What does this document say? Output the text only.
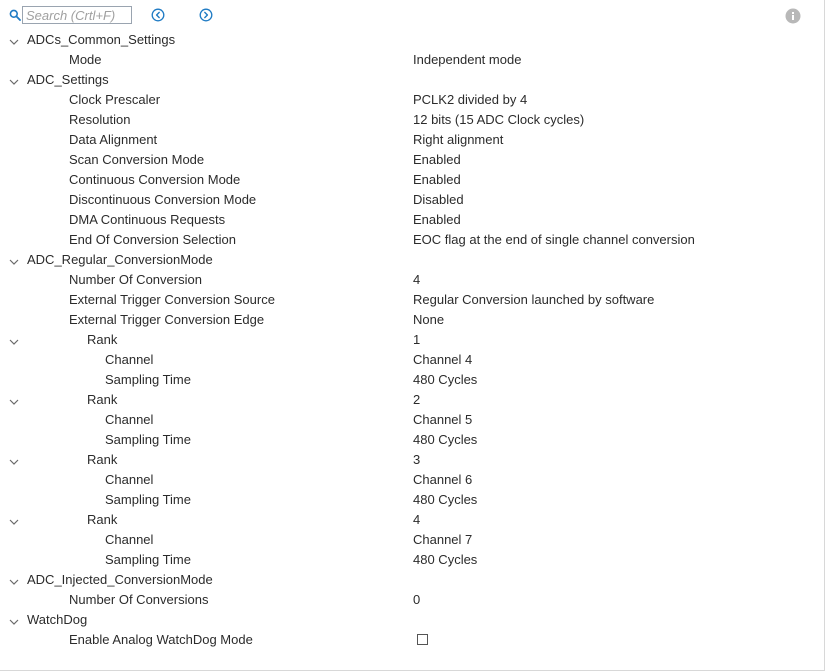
Search (Crtl+F)
ADCs_Common_Settings
Mode	Independent mode
ADC_Settings
Clock Prescaler	PCLK2 divided by 4
Resolution	12 bits (15 ADC Clock cycles)
Data Alignment	Right alignment
Scan Conversion Mode	Enabled
Continuous Conversion Mode	Enabled
Discontinuous Conversion Mode	Disabled
DMA Continuous Requests	Enabled
End Of Conversion Selection	EOC flag at the end of single channel conversion
ADC_Regular_ConversionMode
Number Of Conversion	4
External Trigger Conversion Source	Regular Conversion launched by software
External Trigger Conversion Edge	None
Rank	1
Channel	Channel 4
Sampling Time	480 Cycles
Rank	2
Channel	Channel 5
Sampling Time	480 Cycles
Rank	3
Channel	Channel 6
Sampling Time	480 Cycles
Rank	4
Channel	Channel 7
Sampling Time	480 Cycles
ADC_Injected_ConversionMode
Number Of Conversions	0
WatchDog
Enable Analog WatchDog Mode
